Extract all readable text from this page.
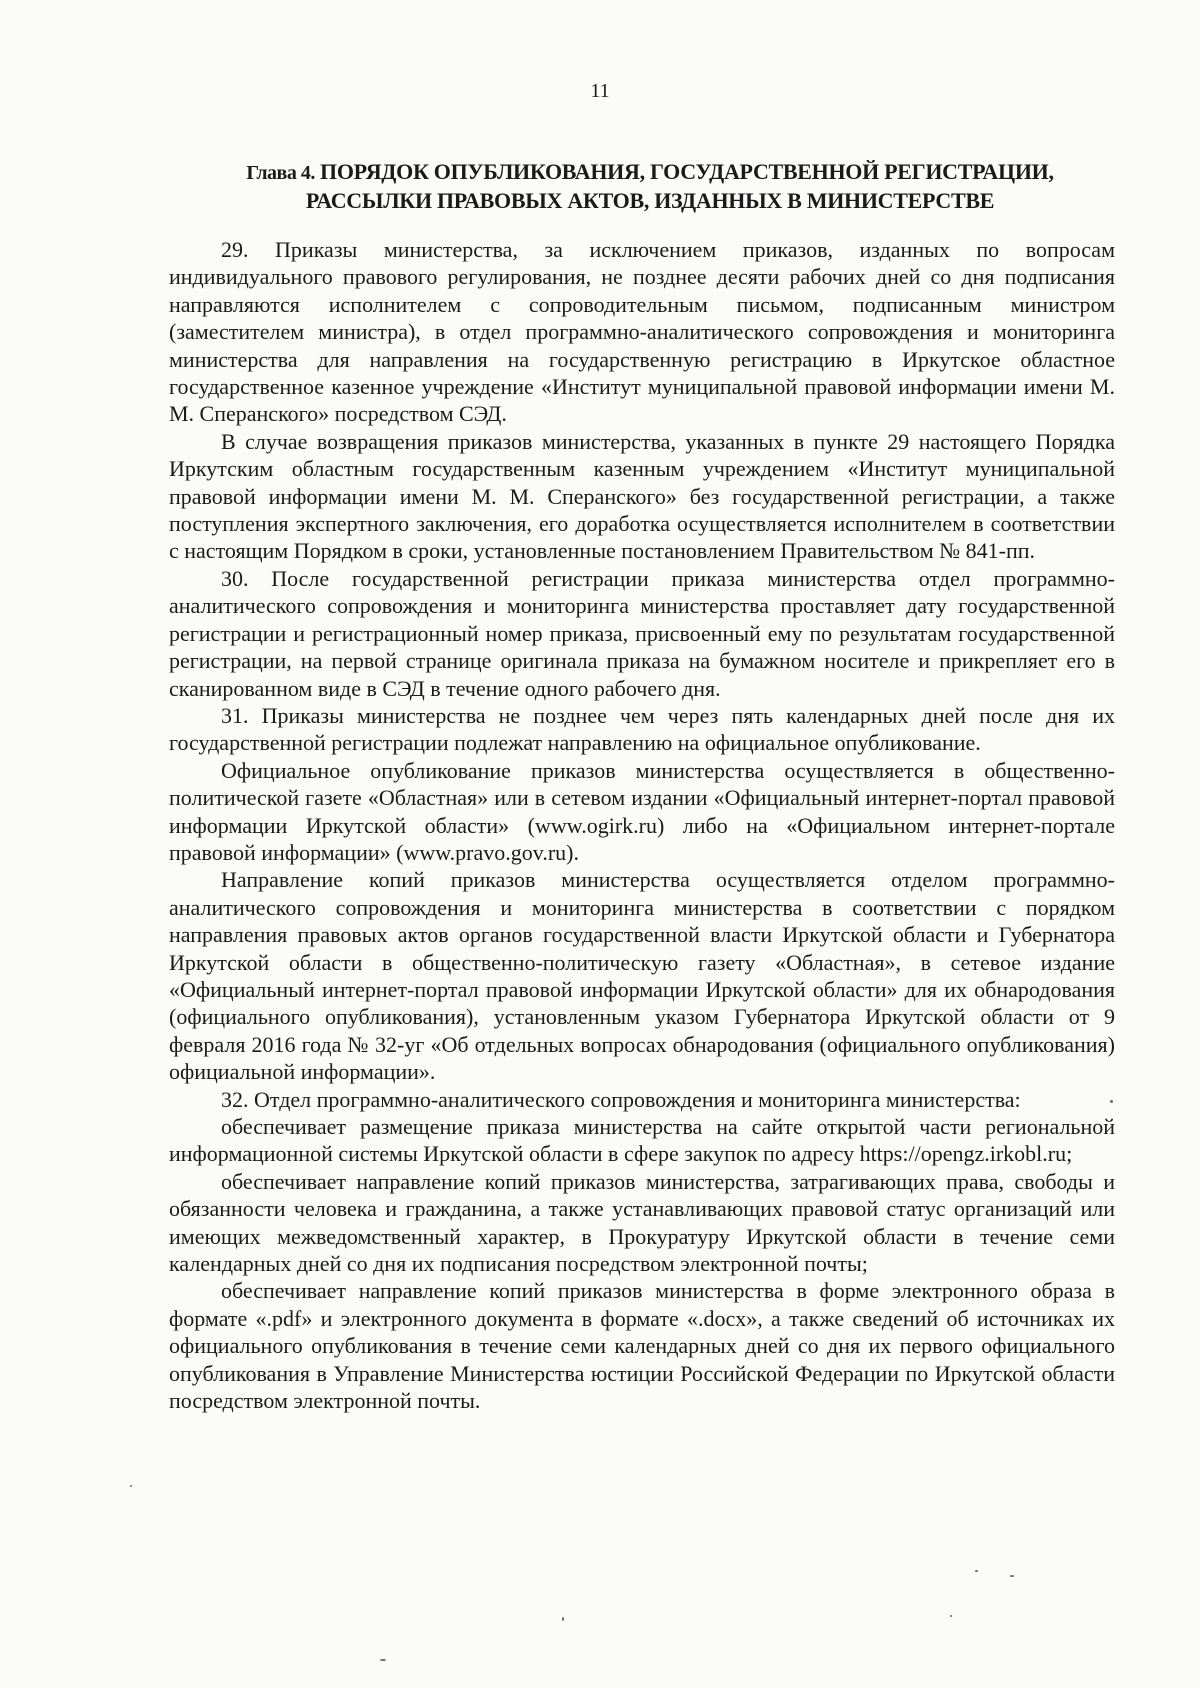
11
Глава 4. ПОРЯДОК ОПУБЛИКОВАНИЯ, ГОСУДАРСТВЕННОЙ РЕГИСТРАЦИИ,
РАССЫЛКИ ПРАВОВЫХ АКТОВ, ИЗДАННЫХ В МИНИСТЕРСТВЕ

29. Приказы министерства, за исключением приказов, изданных по вопросам индивидуального правового регулирования, не позднее десяти рабочих дней со дня подписания направляются исполнителем с сопроводительным письмом, подписанным министром (заместителем министра), в отдел программно-аналитического сопровождения и мониторинга министерства для направления на государственную регистрацию в Иркутское областное государственное казенное учреждение «Институт муниципальной правовой информации имени М. М. Сперанского» посредством СЭД.

В случае возвращения приказов министерства, указанных в пункте 29 настоящего Порядка Иркутским областным государственным казенным учреждением «Институт муниципальной правовой информации имени М. М. Сперанского» без государственной регистрации, а также поступления экспертного заключения, его доработка осуществляется исполнителем в соответствии с настоящим Порядком в сроки, установленные постановлением Правительством № 841-пп.

30. После государственной регистрации приказа министерства отдел программно-аналитического сопровождения и мониторинга министерства проставляет дату государственной регистрации и регистрационный номер приказа, присвоенный ему по результатам государственной регистрации, на первой странице оригинала приказа на бумажном носителе и прикрепляет его в сканированном виде в СЭД в течение одного рабочего дня.

31. Приказы министерства не позднее чем через пять календарных дней после дня их государственной регистрации подлежат направлению на официальное опубликование.

Официальное опубликование приказов министерства осуществляется в общественно-политической газете «Областная» или в сетевом издании «Официальный интернет-портал правовой информации Иркутской области» (www.ogirk.ru) либо на «Официальном интернет-портале правовой информации» (www.pravo.gov.ru).

Направление копий приказов министерства осуществляется отделом программно-аналитического сопровождения и мониторинга министерства в соответствии с порядком направления правовых актов органов государственной власти Иркутской области и Губернатора Иркутской области в общественно-политическую газету «Областная», в сетевое издание «Официальный интернет-портал правовой информации Иркутской области» для их обнародования (официального опубликования), установленным указом Губернатора Иркутской области от 9 февраля 2016 года № 32-уг «Об отдельных вопросах обнародования (официального опубликования) официальной информации».

32. Отдел программно-аналитического сопровождения и мониторинга министерства:

обеспечивает размещение приказа министерства на сайте открытой части региональной информационной системы Иркутской области в сфере закупок по адресу https://opengz.irkobl.ru;

обеспечивает направление копий приказов министерства, затрагивающих права, свободы и обязанности человека и гражданина, а также устанавливающих правовой статус организаций или имеющих межведомственный характер, в Прокуратуру Иркутской области в течение семи календарных дней со дня их подписания посредством электронной почты;

обеспечивает направление копий приказов министерства в форме электронного образа в формате «.pdf» и электронного документа в формате «.docx», а также сведений об источниках их официального опубликования в течение семи календарных дней со дня их первого официального опубликования в Управление Министерства юстиции Российской Федерации по Иркутской области посредством электронной почты.
